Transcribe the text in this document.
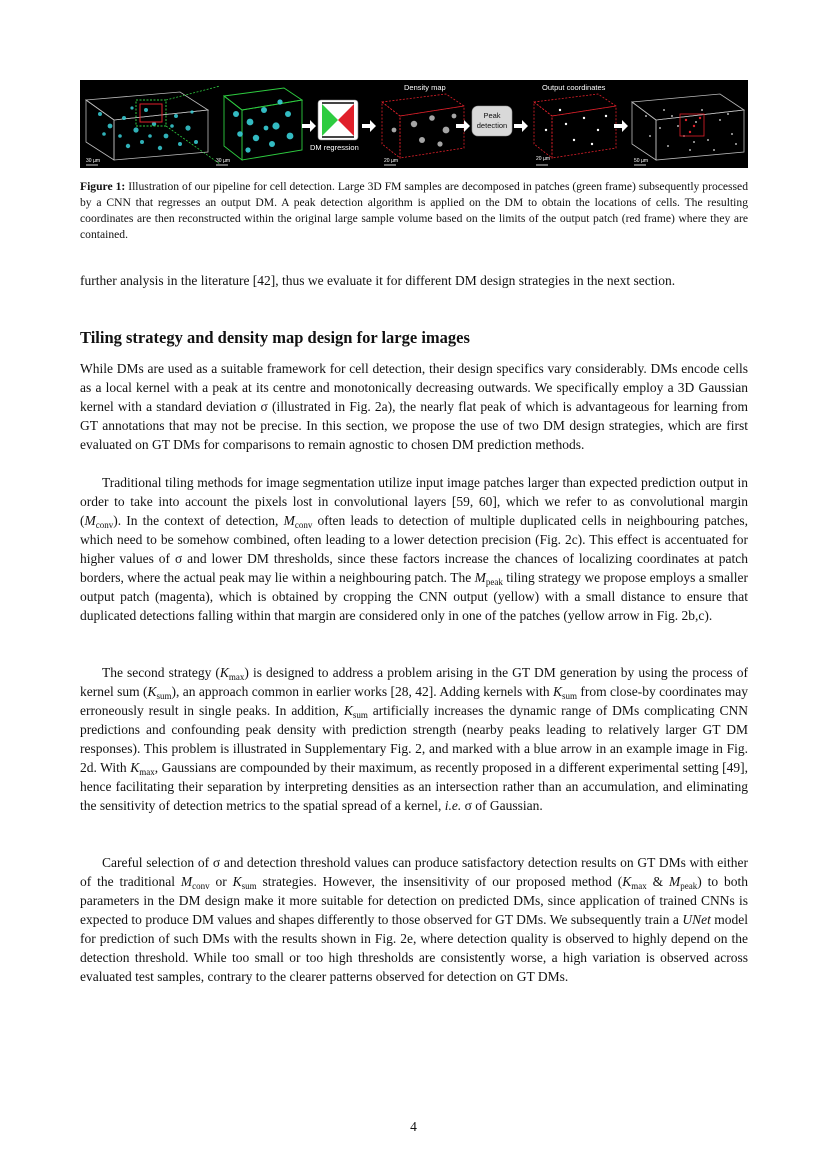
DM regression
Density map
Peak
detection
Output coordinates
30 µm	30 µm	20 µm	20 µm	50 µm
Figure 1: Illustration of our pipeline for cell detection. Large 3D FM samples are decomposed in patches (green frame) subsequently processed by a CNN that regresses an output DM. A peak detection algorithm is applied on the DM to obtain the locations of cells. The resulting coordinates are then reconstructed within the original large sample volume based on the limits of the output patch (red frame) where they are contained.

further analysis in the literature [42], thus we evaluate it for different DM design strategies in the next section.

Tiling strategy and density map design for large images

While DMs are used as a suitable framework for cell detection, their design specifics vary considerably. DMs encode cells as a local kernel with a peak at its centre and monotonically decreasing outwards. We specifically employ a 3D Gaussian kernel with a standard deviation σ (illustrated in Fig. 2a), the nearly flat peak of which is advantageous for learning from GT annotations that may not be precise. In this section, we propose the use of two DM design strategies, which are first evaluated on GT DMs for comparisons to remain agnostic to chosen DM prediction methods.

Traditional tiling methods for image segmentation utilize input image patches larger than expected prediction output in order to take into account the pixels lost in convolutional layers [59, 60], which we refer to as convolutional margin $(M_{conv})$. In the context of detection, $M_{conv}$ often leads to detection of multiple duplicated cells in neighbouring patches, which need to be somehow combined, often leading to a lower detection precision (Fig. 2c). This effect is accentuated for higher values of σ and lower DM thresholds, since these factors increase the chances of localizing coordinates at patch borders, where the actual peak may lie within a neighbouring patch. The $M_{peak}$ tiling strategy we propose employs a smaller output patch (magenta), which is obtained by cropping the CNN output (yellow) with a small distance to ensure that duplicated detections falling within that margin are considered only in one of the patches (yellow arrow in Fig. 2b,c).

The second strategy $(K_{max})$ is designed to address a problem arising in the GT DM generation by using the process of kernel sum $(K_{sum})$, an approach common in earlier works [28, 42]. Adding kernels with $K_{sum}$ from close-by coordinates may erroneously result in single peaks. In addition, $K_{sum}$ artificially increases the dynamic range of DMs complicating CNN predictions and confounding peak density with prediction strength (nearby peaks leading to relatively larger GT DM responses). This problem is illustrated in Supplementary Fig. 2, and marked with a blue arrow in an example image in Fig. 2d. With $K_{max}$, Gaussians are compounded by their maximum, as recently proposed in a different experimental setting [49], hence facilitating their separation by interpreting densities as an intersection rather than an accumulation, and eliminating the sensitivity of detection metrics to the spatial spread of a kernel, i.e. σ of Gaussian.

Careful selection of σ and detection threshold values can produce satisfactory detection results on GT DMs with either of the traditional $M_{conv}$ or $K_{sum}$ strategies. However, the insensitivity of our proposed method ($K_{max}$ & $M_{peak}$) to both parameters in the DM design make it more suitable for detection on predicted DMs, since application of trained CNNs is expected to produce DM values and shapes differently to those observed for GT DMs. We subsequently train a UNet model for prediction of such DMs with the results shown in Fig. 2e, where detection quality is observed to highly depend on the detection threshold. While too small or too high thresholds are consistently worse, a high variation is observed across evaluated test samples, contrary to the clearer patterns observed for detection on GT DMs.

4
